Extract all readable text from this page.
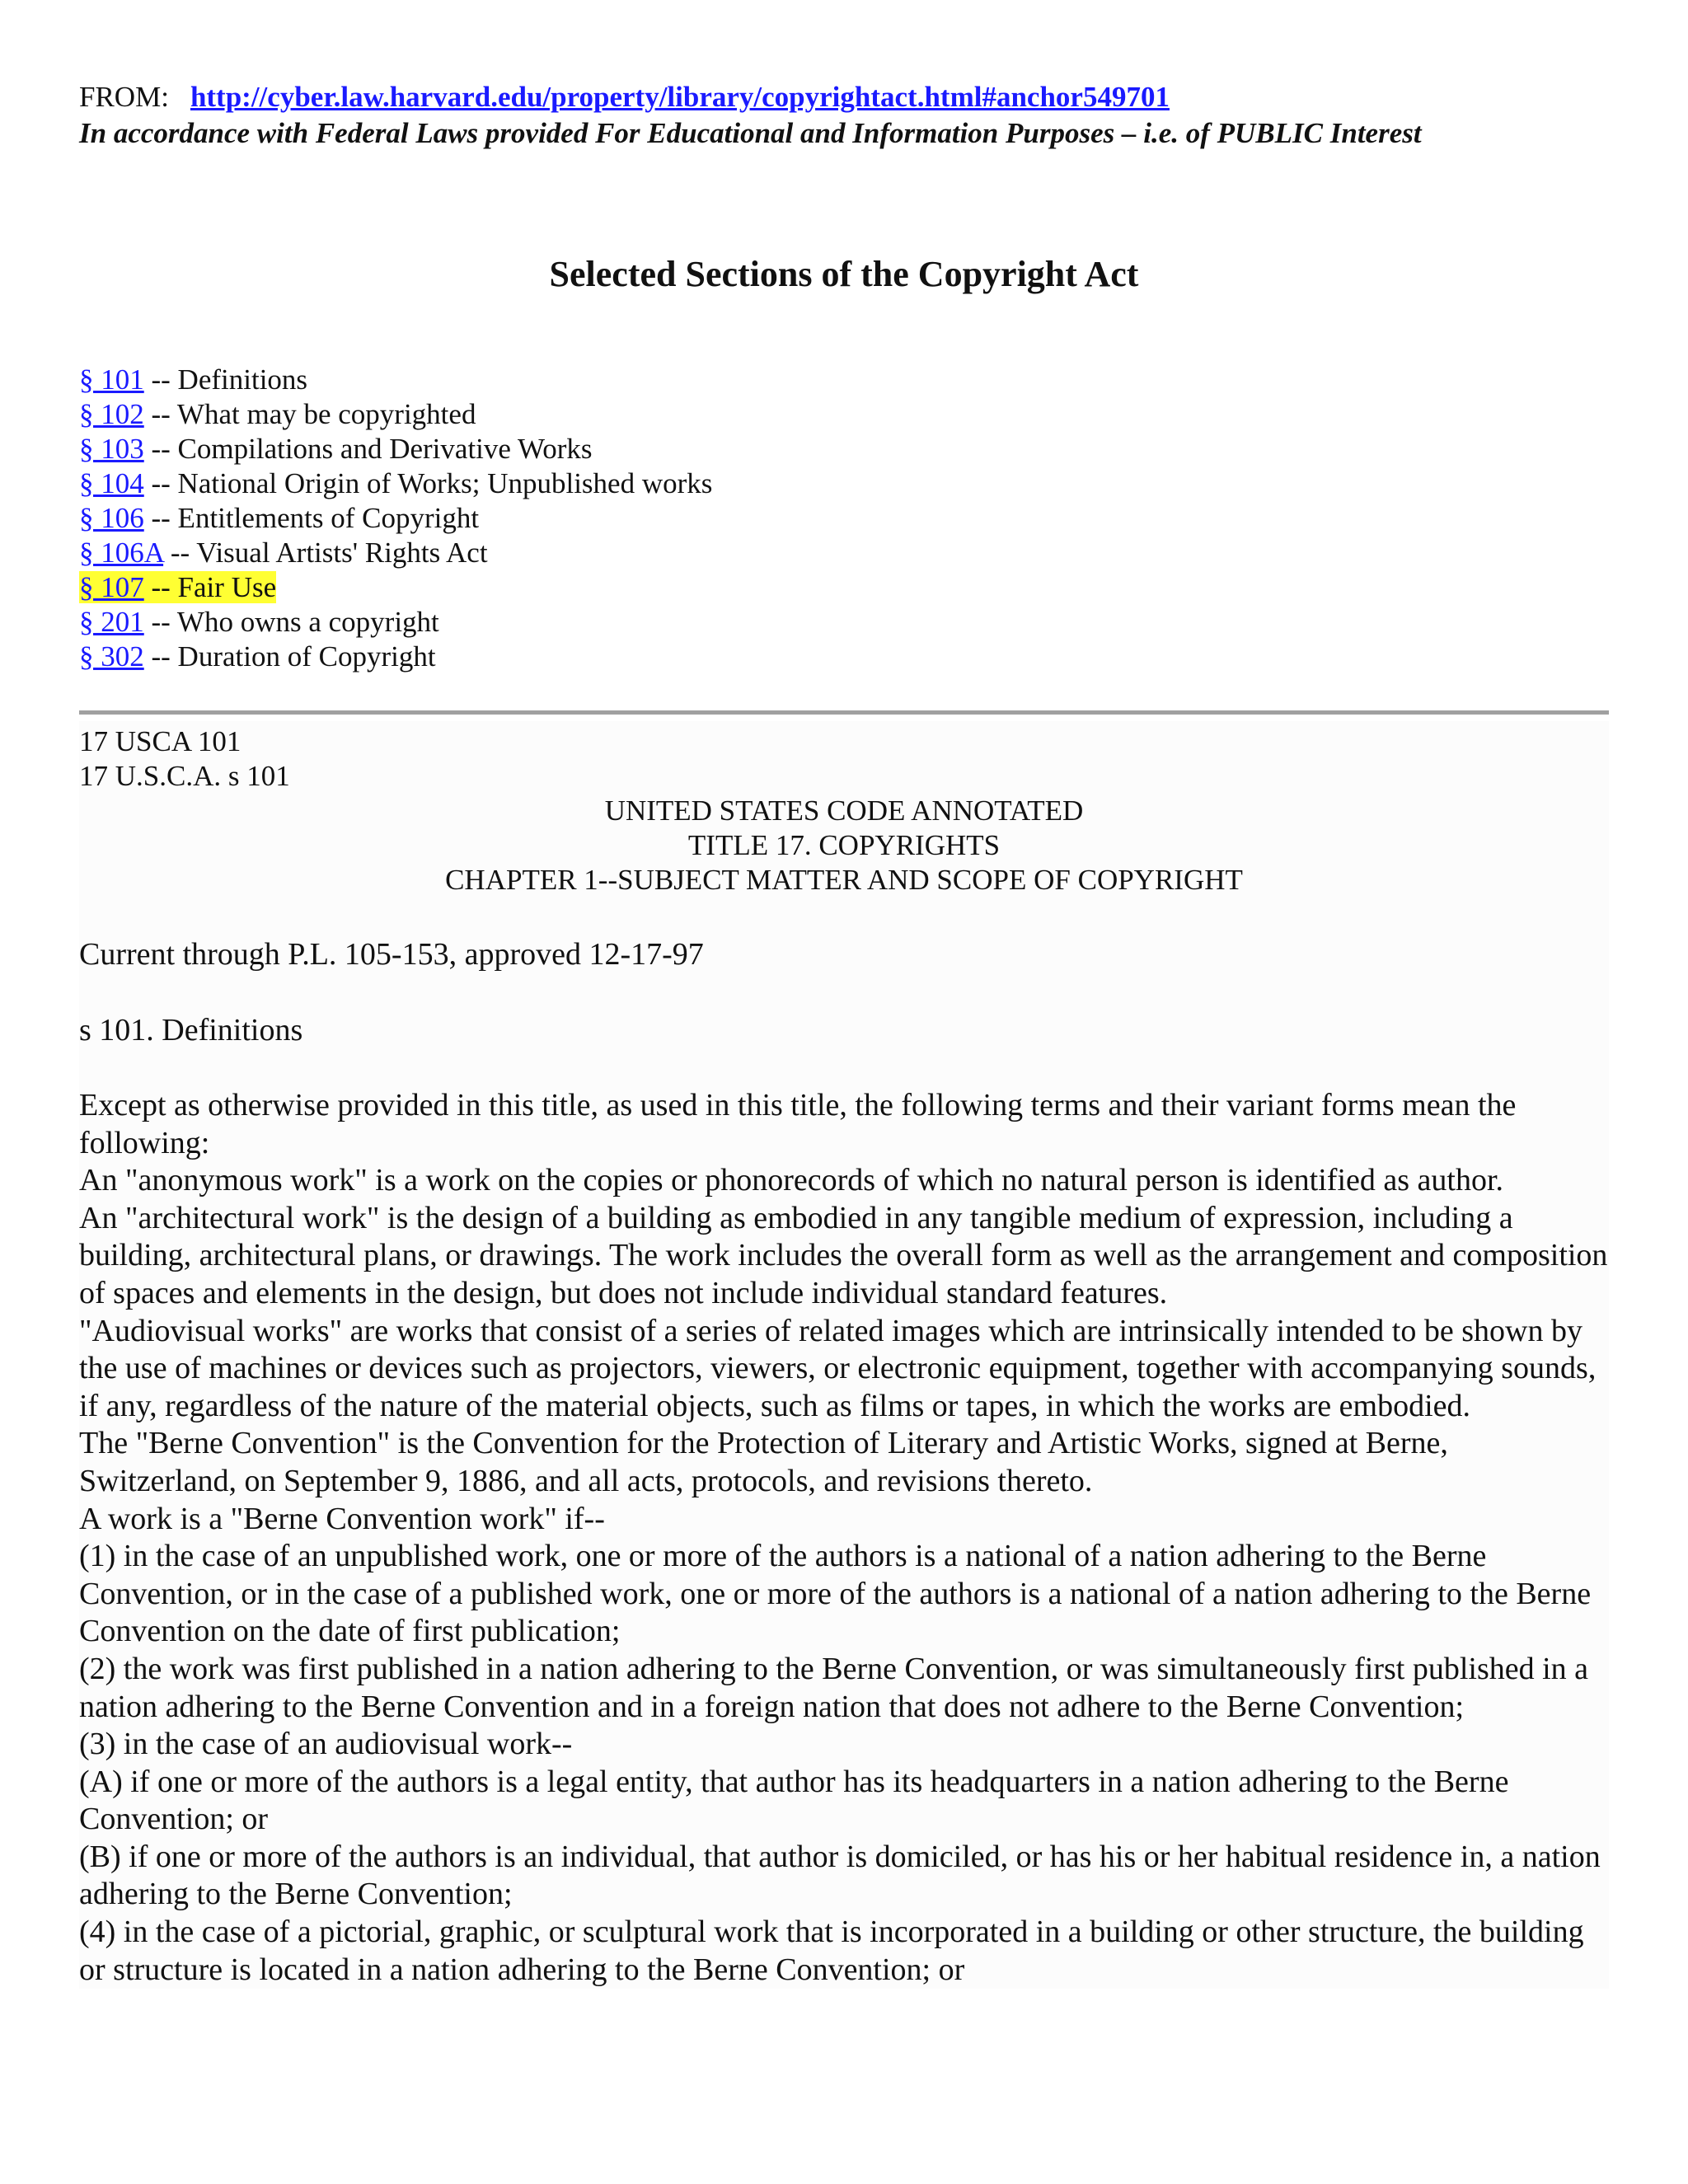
FROM: http://cyber.law.harvard.edu/property/library/copyrightact.html#anchor549701

In accordance with Federal Laws provided For Educational and Information Purposes – i.e. of PUBLIC Interest

Selected Sections of the Copyright Act
§ 101 -- Definitions
§ 102 -- What may be copyrighted
§ 103 -- Compilations and Derivative Works
§ 104 -- National Origin of Works; Unpublished works
§ 106 -- Entitlements of Copyright
§ 106A -- Visual Artists' Rights Act
§ 107 -- Fair Use
§ 201 -- Who owns a copyright
§ 302 -- Duration of Copyright

17 USCA 101

17 U.S.C.A. s 101

UNITED STATES CODE ANNOTATED

TITLE 17. COPYRIGHTS

CHAPTER 1--SUBJECT MATTER AND SCOPE OF COPYRIGHT

Current through P.L. 105-153, approved 12-17-97

s 101. Definitions

Except as otherwise provided in this title, as used in this title, the following terms and their variant forms mean the following:

An "anonymous work" is a work on the copies or phonorecords of which no natural person is identified as author.

An "architectural work" is the design of a building as embodied in any tangible medium of expression, including a building, architectural plans, or drawings. The work includes the overall form as well as the arrangement and composition of spaces and elements in the design, but does not include individual standard features.

"Audiovisual works" are works that consist of a series of related images which are intrinsically intended to be shown by the use of machines or devices such as projectors, viewers, or electronic equipment, together with accompanying sounds, if any, regardless of the nature of the material objects, such as films or tapes, in which the works are embodied.

The "Berne Convention" is the Convention for the Protection of Literary and Artistic Works, signed at Berne, Switzerland, on September 9, 1886, and all acts, protocols, and revisions thereto.

A work is a "Berne Convention work" if--

(1) in the case of an unpublished work, one or more of the authors is a national of a nation adhering to the Berne Convention, or in the case of a published work, one or more of the authors is a national of a nation adhering to the Berne Convention on the date of first publication;

(2) the work was first published in a nation adhering to the Berne Convention, or was simultaneously first published in a nation adhering to the Berne Convention and in a foreign nation that does not adhere to the Berne Convention;

(3) in the case of an audiovisual work--

(A) if one or more of the authors is a legal entity, that author has its headquarters in a nation adhering to the Berne Convention; or

(B) if one or more of the authors is an individual, that author is domiciled, or has his or her habitual residence in, a nation adhering to the Berne Convention;

(4) in the case of a pictorial, graphic, or sculptural work that is incorporated in a building or other structure, the building or structure is located in a nation adhering to the Berne Convention; or
